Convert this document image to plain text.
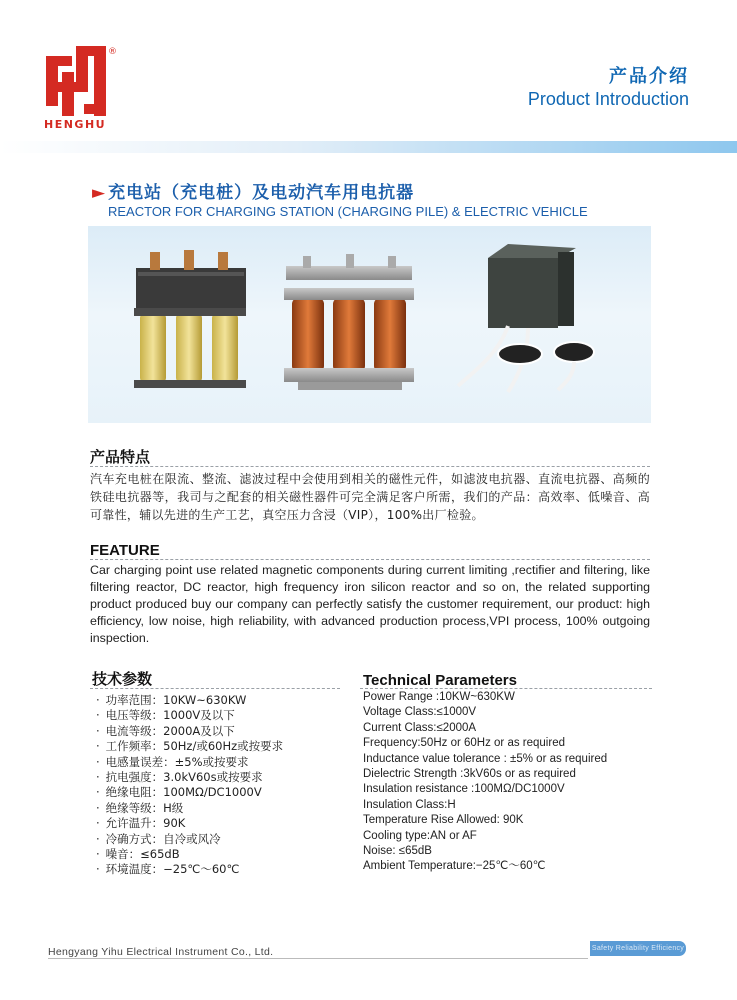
®
HENGHU
产品介绍
Product Introduction
► 充电站（充电桩）及电动汽车用电抗器
REACTOR FOR CHARGING STATION (CHARGING PILE) & ELECTRIC VEHICLE
产品特点
汽车充电桩在限流、整流、滤波过程中会使用到相关的磁性元件，如滤波电抗器、直流电抗器、高频的铁硅电抗器等，我司与之配套的相关磁性器件可完全满足客户所需，我们的产品：高效率、低噪音、高可靠性，辅以先进的生产工艺，真空压力含浸（VIP），100%出厂检验。
FEATURE
Car charging point use related magnetic components during current limiting ,rectifier and filtering, like filtering reactor, DC reactor, high frequency iron silicon reactor and so on, the related supporting product produced buy our company can perfectly satisfy the customer requirement, our product: high efficiency, low noise, high reliability, with advanced production process,VPI process, 100% outgoing inspection.
技术参数	Technical Parameters
· 功率范围：10KW~630KW
· 电压等级：1000V及以下
· 电流等级：2000A及以下
· 工作频率：50Hz/或60Hz或按要求
· 电感量误差：±5%或按要求
· 抗电强度：3.0kV60s或按要求
· 绝缘电阻：100MΩ/DC1000V
· 绝缘等级：H级
· 允许温升：90K
· 冷确方式：自冷或风冷
· 噪音：≤65dB
· 环境温度：−25℃～60℃
Power Range :10KW~630KW
Voltage Class:≤1000V
Current Class:≤2000A
Frequency:50Hz or 60Hz or as required
Inductance value tolerance : ±5% or as required
Dielectric Strength :3kV60s or as required
Insulation resistance :100MΩ/DC1000V
Insulation Class:H
Temperature Rise Allowed: 90K
Cooling type:AN or AF
Noise: ≤65dB
Ambient Temperature:−25℃～60℃
Hengyang Yihu Electrical Instrument Co., Ltd.	Safety Reliability Efficiency
